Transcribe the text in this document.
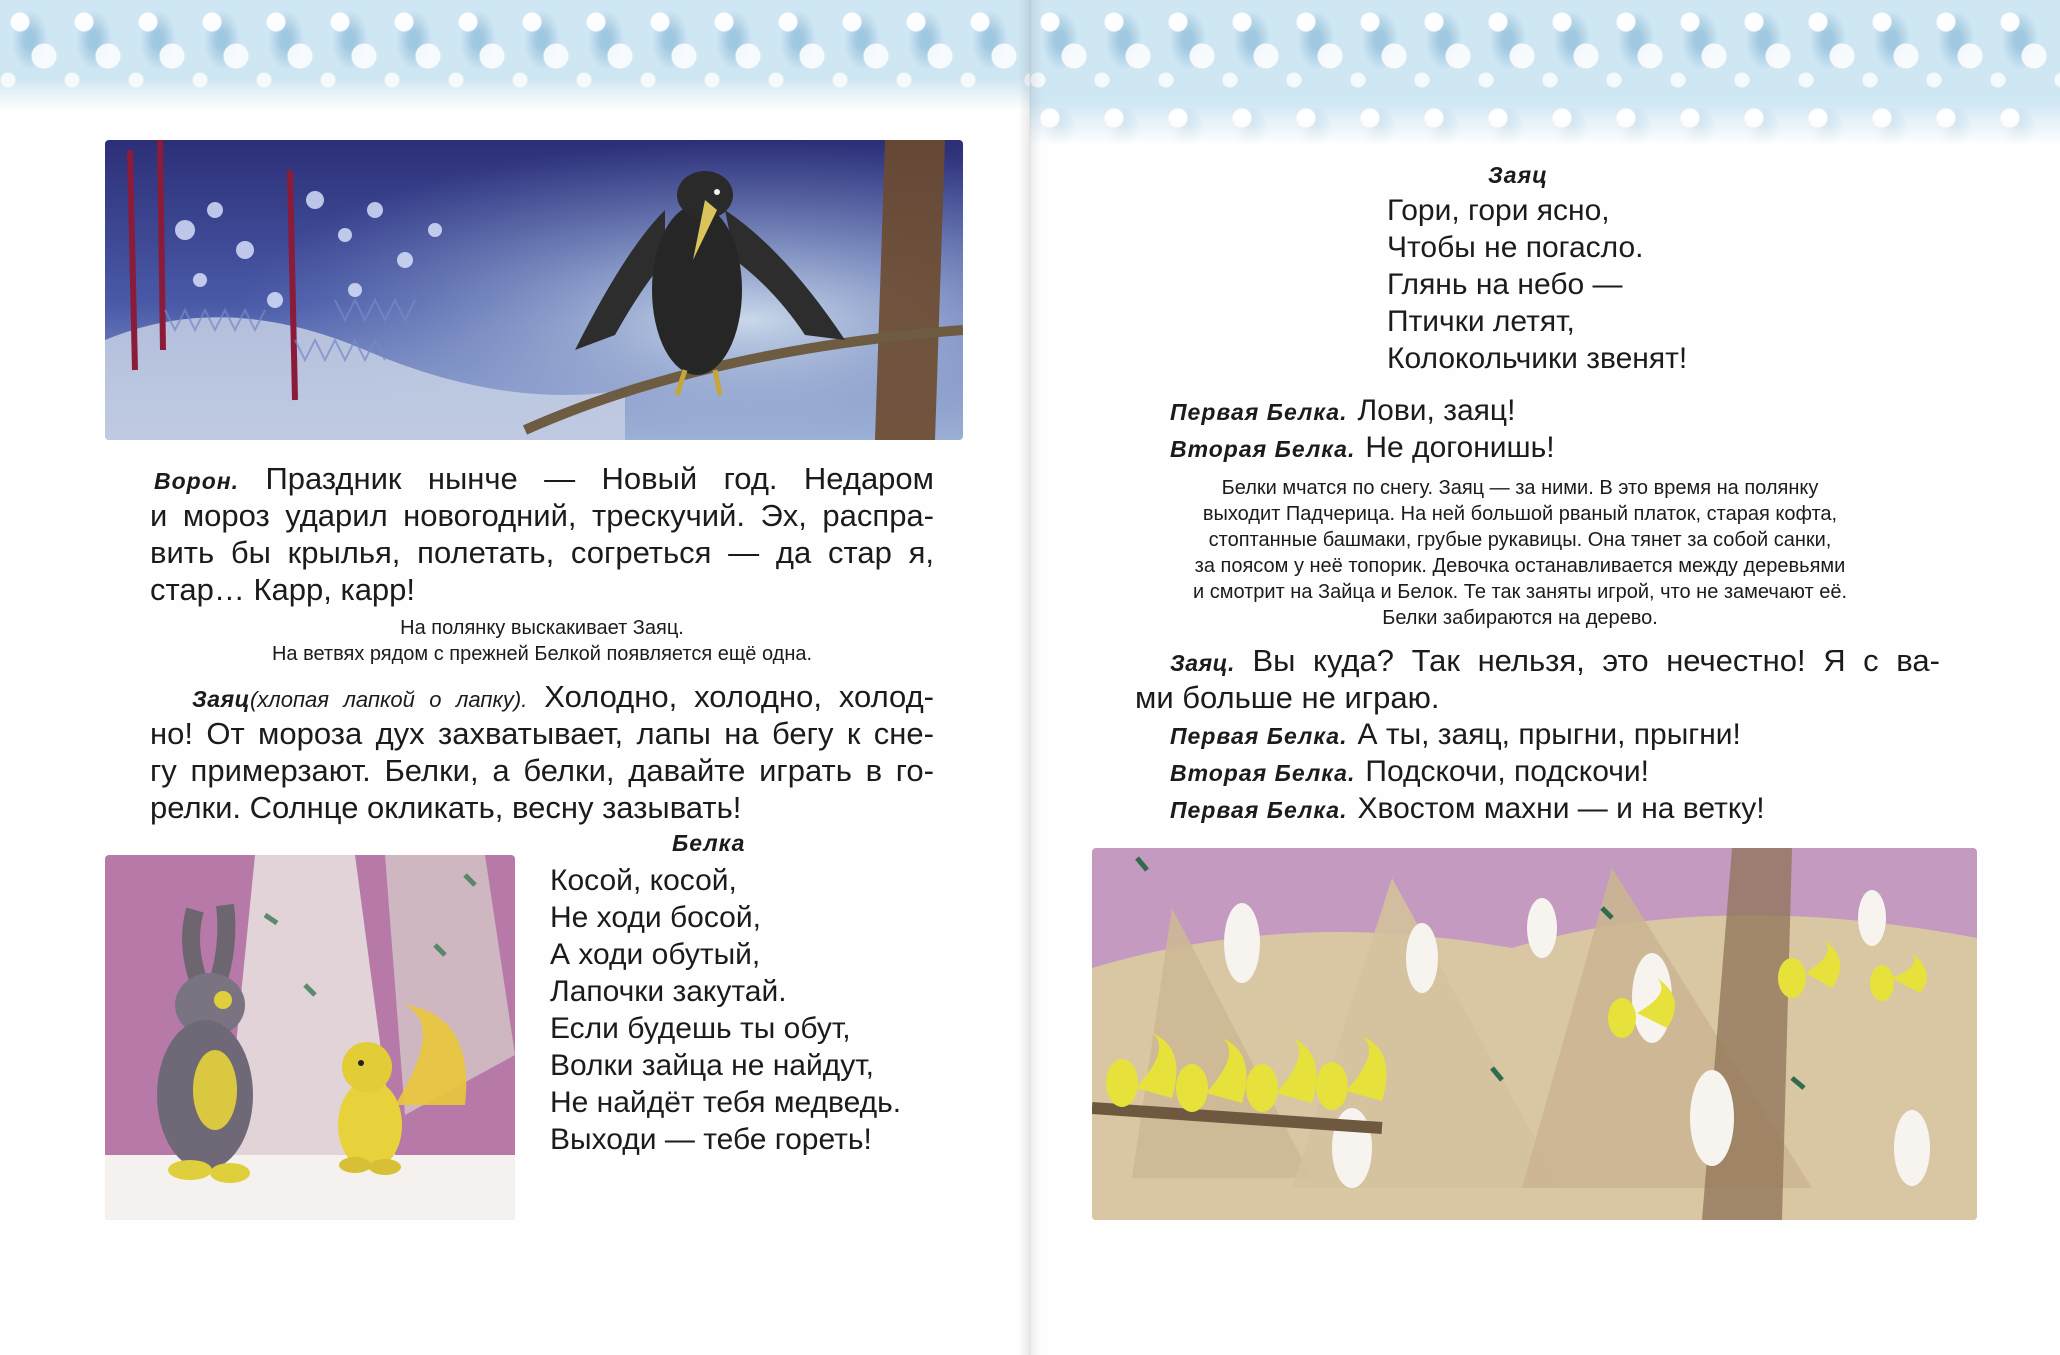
Ворон. Праздник нынче — Новый год. Недаром

и мороз ударил новогодний, трескучий. Эх, распра-

вить бы крылья, полетать, согреться — да стар я,

стар… Карр, карр!

На полянку выскакивает Заяц.
На ветвях рядом с прежней Белкой появляется ещё одна.

Заяц(хлопая лапкой о лапку). Холодно, холодно, холод-

но! От мороза дух захватывает, лапы на бегу к сне-

гу примерзают. Белки, а белки, давайте играть в го-

релки. Солнце окликать, весну зазывать!

Белка
Косой, косой,
Не ходи босой,
А ходи обутый,
Лапочки закутай.
Если будешь ты обут,
Волки зайца не найдут,
Не найдёт тебя медведь.
Выходи — тебе гореть!
Заяц
Гори, гори ясно,
Чтобы не погасло.
Глянь на небо —
Птички летят,
Колокольчики звенят!
Первая Белка. Лови, заяц!
Вторая Белка. Не догонишь!
Белки мчатся по снегу. Заяц — за ними. В это время на полянку
выходит Падчерица. На ней большой рваный платок, старая кофта,
стоптанные башмаки, грубые рукавицы. Она тянет за собой санки,
за поясом у неё топорик. Девочка останавливается между деревьями
и смотрит на Зайца и Белок. Те так заняты игрой, что не замечают её.
Белки забираются на дерево.

Заяц. Вы куда? Так нельзя, это нечестно! Я с ва-

ми больше не играю.

Первая Белка. А ты, заяц, прыгни, прыгни!
Вторая Белка. Подскочи, подскочи!
Первая Белка. Хвостом махни — и на ветку!
